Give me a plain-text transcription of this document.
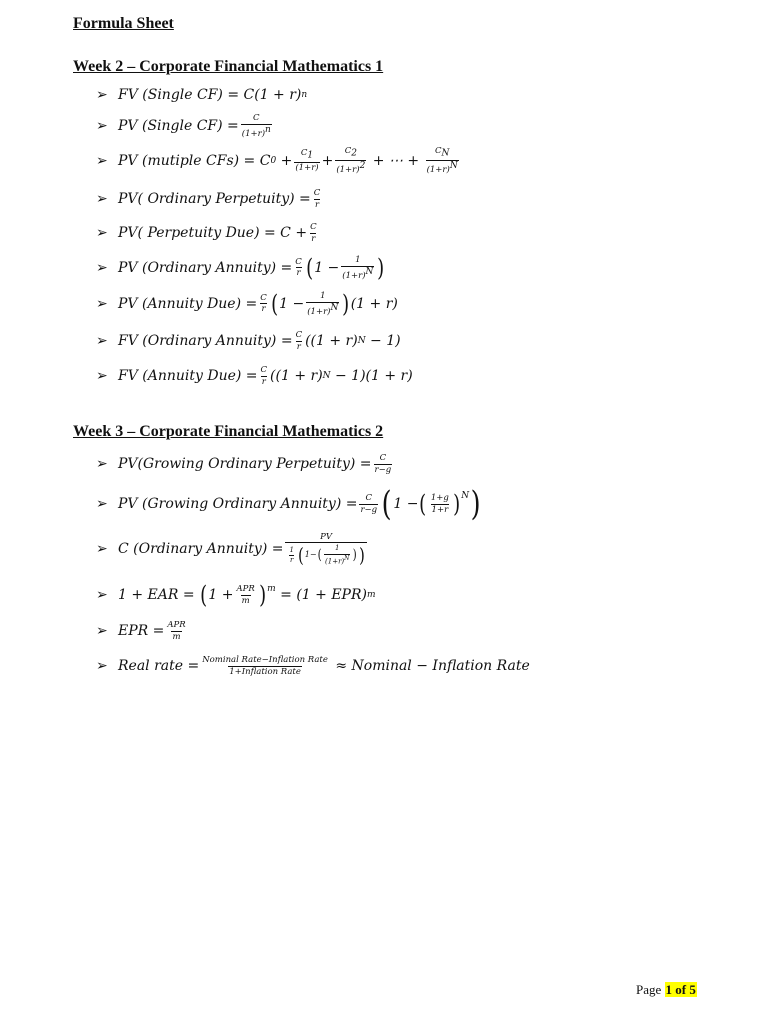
Formula Sheet
Week 2 – Corporate Financial Mathematics 1
➢ FV (Single CF) = C(1 + r) n
➢ PV (Single $CF) = \frac{C}{(1+r)^n}$
➢ PV (mutiple CFs) = C $0 + \frac{C_1}{(1+r)} + \frac{C_2}{(1+r)^2}$
+ ⋯ +
$\frac{C_N}{(1+r)^N}$
➢ PV( Ordinary Perpetuity) = $\frac{C}{r}$
➢ PV( Perpetuity $Due) = C + \frac{C}{r}$
➢ PV (Ordinary Annuity) = $\frac{C}{r}$ ( $1 - \frac{1}{(1+r)^N}$ )
➢ PV (Annuity $Due) = \frac{C}{r}$ ( $1 - \frac{1}{(1+r)^N}$ ) (1 + r)
➢ FV (Ordinary Annuity) = $\frac{C}{r} ((1 + r)$ N
− 1)
➢ FV (Annuity $Due) = \frac{C}{r} ((1 + r)$ N
− 1)(1 + r)
Week 3 – Corporate Financial Mathematics 2
➢ PV(Growing Ordinary Perpetuity) = $\frac{C}{r-g}$
➢ PV (Growing Ordinary Annuity) = $\frac{C}{r-g}$ ( 1 − ( $\frac{1+g}{1+r} )^N$ )
➢ C (Ordinary Annuity) = $\frac{PV}{\frac{1}{r} ( 1- ( \frac{1}{(1+r)^N} ) )}$
➢ 1 + EAR =
( $1 + \frac{\text{APR}}{m} )^m$
= (1 + EPR) m
➢ EPR = $\frac{\text{APR}}{m}$
➢ Real rate = $\frac{\text{Nominal Rate−Inflation Rate}}{\text{1+Inflation Rate}}$
≈ Nominal − Inflation Rate
Page 1 of 5
